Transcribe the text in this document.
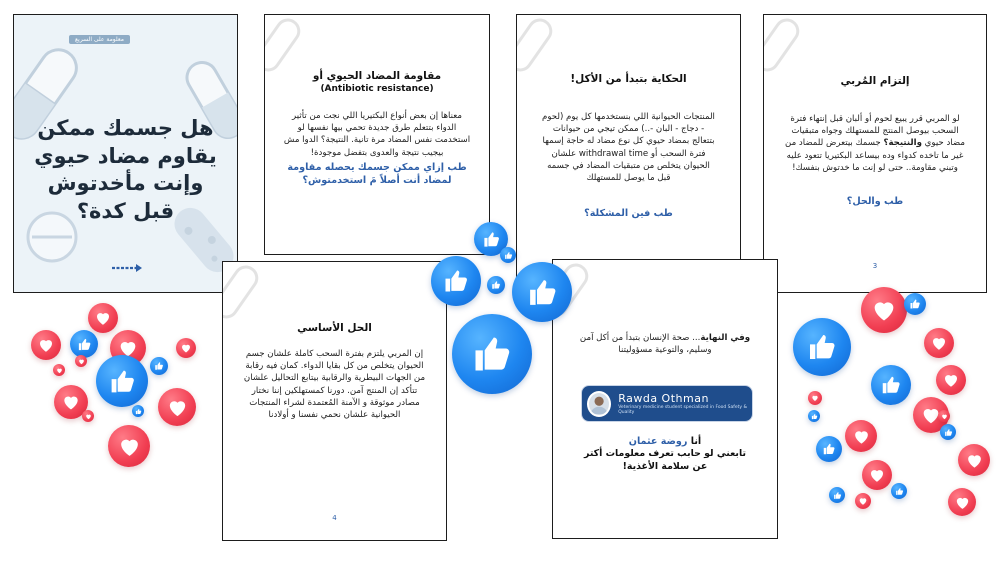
معلومة على السريع
هل جسمك ممكن يقاوم مضاد حيوي وإنت مأخدتوش قبل كدة؟
مقاومة المضاد الحيوي أو
(Antibiotic resistance)
معناها إن بعض أنواع البكتيريا اللي نجت من تأثير الدواء بتتعلم طرق جديدة تحمي بيها نفسها لو استخدمت نفس المضاد مرة تانية. النتيجة؟ الدوا مش بيجيب نتيجة والعدوى بتفضل موجودة!
طب إزاي ممكن جسمك يحصله مقاومة لمضاد أنت أصلاً مَ استخدمتوش؟
الحكاية بتبدأ من الأكل!
المنتجات الحيوانية اللي بنستخدمها كل يوم (لحوم - دجاج - البان -..) ممكن تيجي من حيوانات بتتعالج بمضاد حيوي كل نوع مضاد له حاجة إسمها فترة السحب أو withdrawal time علشان الحيوان يتخلص من متبقيات المضاد في جسمه قبل ما يوصل للمستهلك
طب فين المشكلة؟
إلتزام المُربي
لو المربي قرر يبيع لحوم أو ألبان قبل إنتهاء فترة السحب بيوصل المنتج للمستهلك وجواه متبقيات مضاد حيوي والنتيجة؟ جسمك بيتعرض للمضاد من غير ما تاخده كدواء وده بيساعد البكتيريا تتعود عليه وتبني مقاومة.. حتى لو إنت ما خدتوش بنفسك!
طب والحل؟
3
الحل الأساسي
إن المربي يلتزم بفترة السحب كاملة علشان جسم الحيوان يتخلص من كل بقايا الدواء. كمان فيه رقابة من الجهات البيطرية والرقابية بيتابع التحاليل علشان تتأكد إن المنتج آمن. دورنا كمستهلكين إننا نختار مصادر موثوقة و الآمنة المُعتمدة لشراء المنتجات الحيوانية علشان نحمي نفسنا و أولادنا
4
وفي النهاية... صحة الإنسان بتبدأ من أكل آمن وسليم، والتوعية مسؤوليتنا
Rawda Othman
Veterinary medicine student specialized in Food Safety & Quality
أنا روضة عثمان
تابعني لو حابب تعرف معلومات أكتر عن سلامة الأغذية!
